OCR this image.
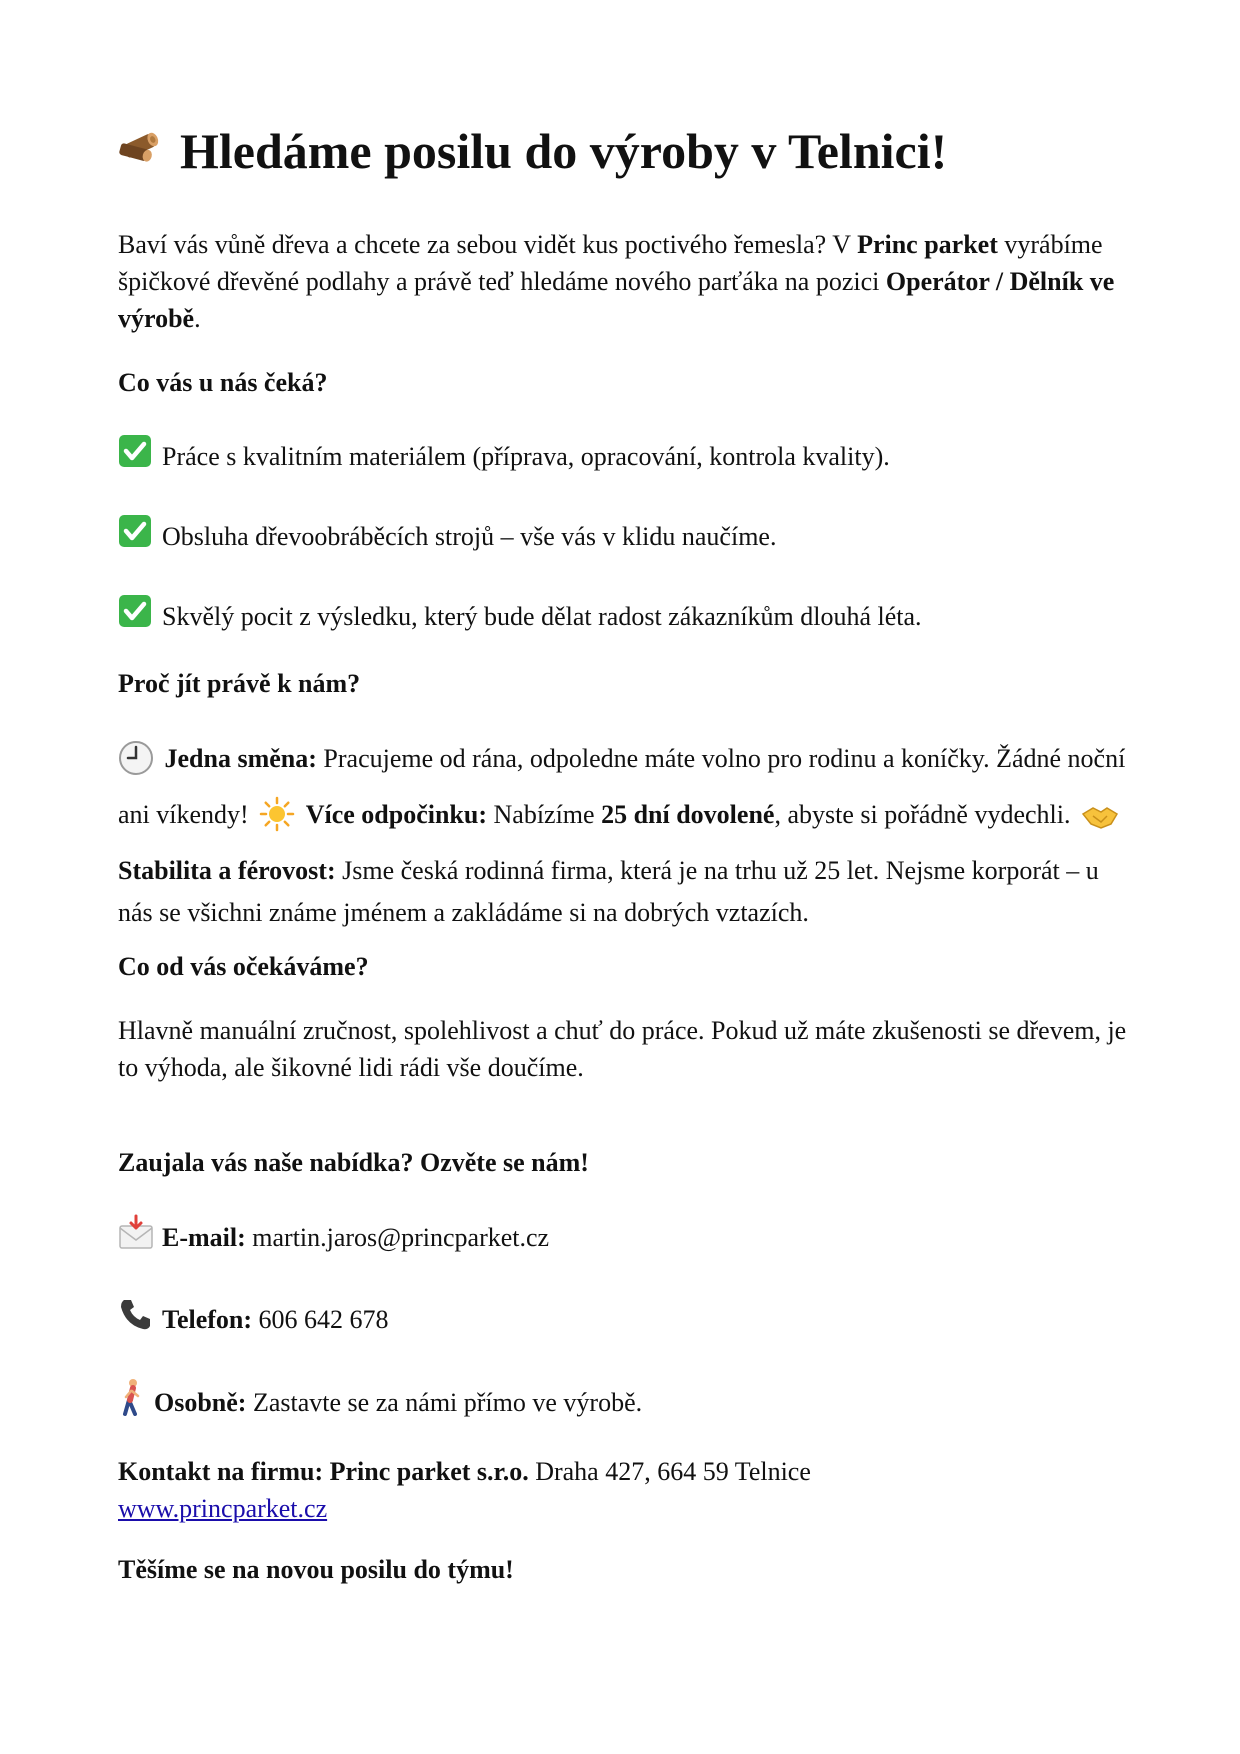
Hledáme posilu do výroby v Telnici!

Baví vás vůně dřeva a chcete za sebou vidět kus poctivého řemesla? V Princ parket vyrábíme špičkové dřevěné podlahy a právě teď hledáme nového parťáka na pozici Operátor / Dělník ve výrobě.

Co vás u nás čeká?

Práce s kvalitním materiálem (příprava, opracování, kontrola kvality).
Obsluha dřevoobráběcích strojů – vše vás v klidu naučíme.
Skvělý pocit z výsledku, který bude dělat radost zákazníkům dlouhá léta.

Proč jít právě k nám?

Jedna směna: Pracujeme od rána, odpoledne máte volno pro rodinu a koníčky. Žádné noční ani víkendy!  Více odpočinku: Nabízíme 25 dní dovolené, abyste si pořádně vydechli.  Stabilita a férovost: Jsme česká rodinná firma, která je na trhu už 25 let. Nejsme korporát – u nás se všichni známe jménem a zakládáme si na dobrých vztazích.

Co od vás očekáváme?

Hlavně manuální zručnost, spolehlivost a chuť do práce. Pokud už máte zkušenosti se dřevem, je to výhoda, ale šikovné lidi rádi vše doučíme.

Zaujala vás naše nabídka? Ozvěte se nám!

E-mail: martin.jaros@princparket.cz
Telefon: 606 642 678
Osobně: Zastavte se za námi přímo ve výrobě.

Kontakt na firmu: Princ parket s.r.o. Draha 427, 664 59 Telnice
www.princparket.cz

Těšíme se na novou posilu do týmu!
